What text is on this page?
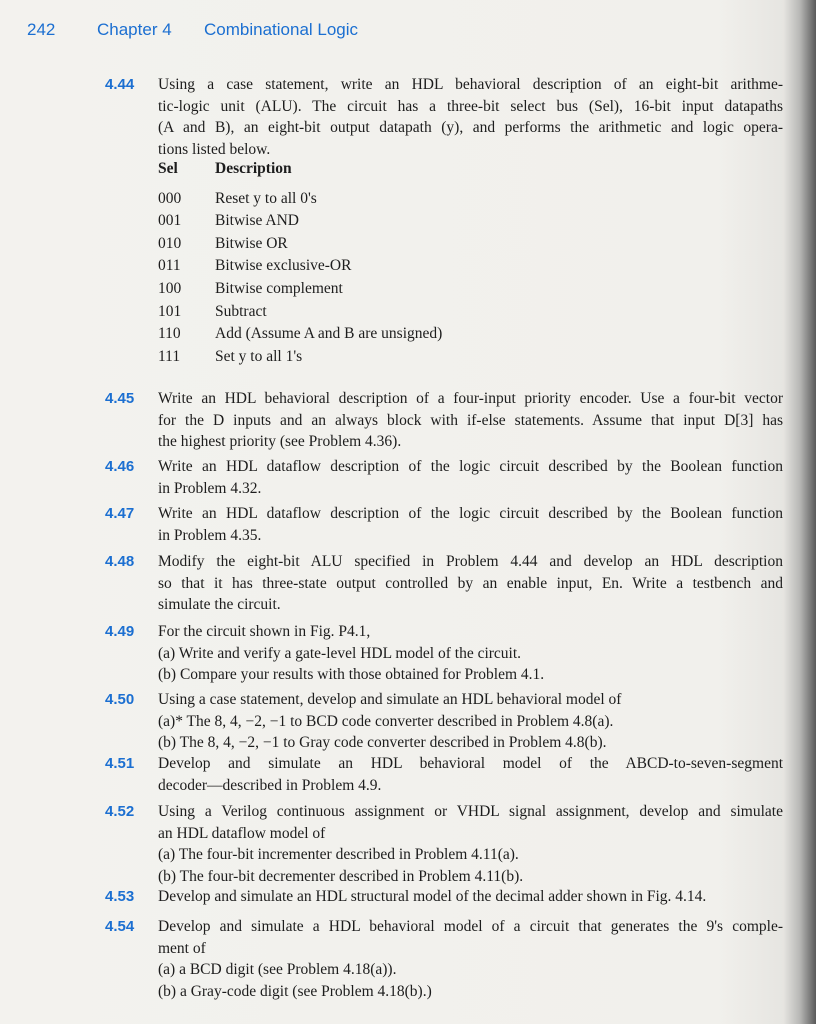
242 Chapter 4 Combinational Logic
Sel	Description
000	Reset y to all 0's
001	Bitwise AND
010	Bitwise OR
011	Bitwise exclusive-OR
100	Bitwise complement
101	Subtract
110	Add (Assume A and B are unsigned)
111	Set y to all 1's
4.44 Using a case statement, write an HDL behavioral description of an eight-bit arithme-
tic-logic unit (ALU). The circuit has a three-bit select bus (Sel), 16-bit input datapaths
(A and B), an eight-bit output datapath (y), and performs the arithmetic and logic opera-
tions listed below.
4.45 Write an HDL behavioral description of a four-input priority encoder. Use a four-bit vector
for the D inputs and an always block with if-else statements. Assume that input D[3] has
the highest priority (see Problem 4.36).
4.46 Write an HDL dataflow description of the logic circuit described by the Boolean function
in Problem 4.32.
4.47 Write an HDL dataflow description of the logic circuit described by the Boolean function
in Problem 4.35.
4.48 Modify the eight-bit ALU specified in Problem 4.44 and develop an HDL description
so that it has three-state output controlled by an enable input, En. Write a testbench and
simulate the circuit.
4.49 For the circuit shown in Fig. P4.1,
(a) Write and verify a gate-level HDL model of the circuit.
(b) Compare your results with those obtained for Problem 4.1.
4.50 Using a case statement, develop and simulate an HDL behavioral model of
(a)* The 8, 4, −2, −1 to BCD code converter described in Problem 4.8(a).
(b) The 8, 4, −2, −1 to Gray code converter described in Problem 4.8(b).
4.51 Develop and simulate an HDL behavioral model of the ABCD-to-seven-segment
decoder—described in Problem 4.9.
4.52 Using a Verilog continuous assignment or VHDL signal assignment, develop and simulate
an HDL dataflow model of
(a) The four-bit incrementer described in Problem 4.11(a).
(b) The four-bit decrementer described in Problem 4.11(b).
4.53 Develop and simulate an HDL structural model of the decimal adder shown in Fig. 4.14.
4.54 Develop and simulate a HDL behavioral model of a circuit that generates the 9's comple-
ment of
(a) a BCD digit (see Problem 4.18(a)).
(b) a Gray-code digit (see Problem 4.18(b).)
